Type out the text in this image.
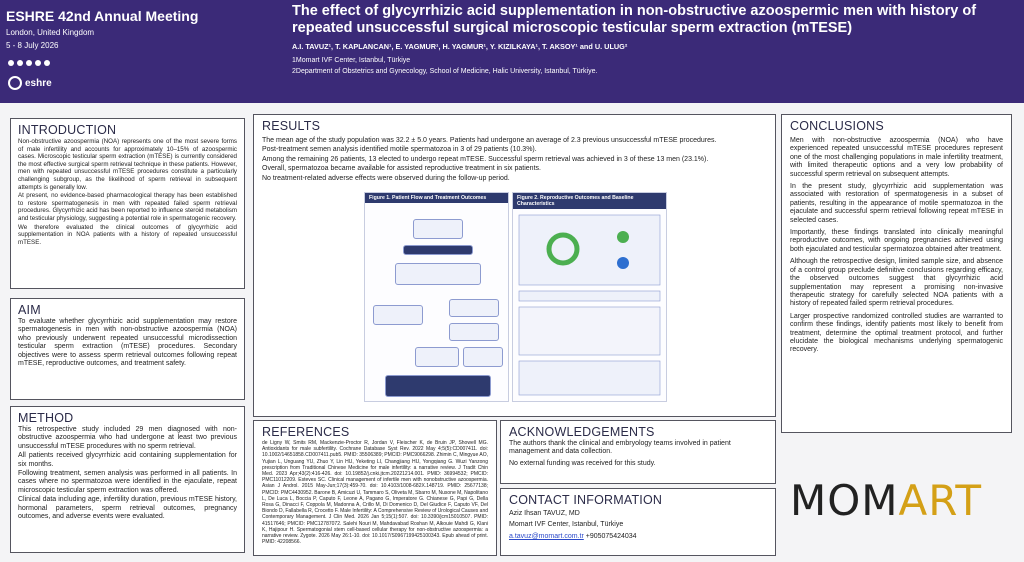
ESHRE 42nd Annual Meeting
London, United Kingdom
5 - 8 July 2026
eshre
The effect of glycyrrhizic acid supplementation in non-obstructive azoospermic men with history of repeated unsuccessful surgical microscopic testicular sperm extraction (mTESE)
A.I. TAVUZ¹, T. KAPLANCAN¹, E. YAGMUR¹, H. YAGMUR¹, Y. KIZILKAYA¹, T. AKSOY¹ and U. ULUG²
1Momart IVF Center, Istanbul, Türkiye
2Department of Obstetrics and Gynecology, School of Medicine, Halic University, Istanbul, Türkiye.
INTRODUCTION

Non-obstructive azoospermia (NOA) represents one of the most severe forms of male infertility and accounts for approximately 10–15% of azoospermic cases. Microscopic testicular sperm extraction (mTESE) is currently considered the most effective surgical sperm retrieval technique in these patients. However, men with repeated unsuccessful mTESE procedures constitute a particularly challenging subgroup, as the likelihood of sperm retrieval in subsequent attempts is generally low.

At present, no evidence-based pharmacological therapy has been established to restore spermatogenesis in men with repeated failed sperm retrieval procedures. Glycyrrhizic acid has been reported to influence steroid metabolism and testicular physiology, suggesting a potential role in spermatogenic recovery.

We therefore evaluated the clinical outcomes of glycyrrhizic acid supplementation in NOA patients with a history of repeated unsuccessful mTESE.

AIM

To evaluate whether glycyrrhizic acid supplementation may restore spermatogenesis in men with non-obstructive azoospermia (NOA) who previously underwent repeated unsuccessful microdissection testicular sperm extraction (mTESE) procedures. Secondary objectives were to assess sperm retrieval outcomes following repeat mTESE, reproductive outcomes, and treatment safety.

METHOD

This retrospective study included 29 men diagnosed with non-obstructive azoospermia who had undergone at least two previous unsuccessful mTESE procedures with no sperm retrieval.

All patients received glycyrrhizic acid containing supplementation for six months.

Following treatment, semen analysis was performed in all patients. In cases where no spermatozoa were identified in the ejaculate, repeat microscopic testicular sperm extraction was offered.

Clinical data including age, infertility duration, previous mTESE history, hormonal parameters, sperm retrieval outcomes, pregnancy outcomes, and adverse events were evaluated.

RESULTS

The mean age of the study population was 32.2 ± 5.0 years. Patients had undergone an average of 2.3 previous unsuccessful mTESE procedures.

Post-treatment semen analysis identified motile spermatozoa in 3 of 29 patients (10.3%).

Among the remaining 26 patients, 13 elected to undergo repeat mTESE. Successful sperm retrieval was achieved in 3 of these 13 men (23.1%).

Overall, spermatozoa became available for assisted reproductive treatment in six patients.

No treatment-related adverse effects were observed during the follow-up period.

Figure 1. Patient Flow and Treatment Outcomes	Figure 2. Reproductive Outcomes and Baseline Characteristics
REFERENCES

de Ligny W, Smits RM, Mackenzie-Proctor R, Jordan V, Fleischer K, de Bruin JP, Showell MG. Antioxidants for male subfertility. Cochrane Database Syst Rev. 2022 May 4;5(5):CD007411. doi: 10.1002/14651858.CD007411.pub5. PMID: 35506389; PMCID: PMC9066298. Zhimin C, Mingyue AO, Yujian L, Unguang YU, Zhuo Y, Lin HU, Yeketing LI, Changjiang HU, Yongqiang G. Wuzi Yanzong prescription from Traditional Chinese Medicine for male infertility: a narrative review. J Tradit Chin Med. 2023 Apr;43(2):416-426. doi: 10.19852/j.cnki.jtcm.20221214.001. PMID: 36994532; PMCID: PMC11012209. Esteves SC. Clinical management of infertile men with nonobstructive azoospermia. Asian J Androl. 2015 May-Jun;17(3):459-70. doi: 10.4103/1008-682X.148719. PMID: 25677138; PMCID: PMC4430952. Barone B, Amicuzi U, Tammaro S, Oliveta M, Sbarro M, Nusone M, Napolitano L, De Luca L, Boccia P, Caputo F, Leone A, Pagano G, Imperatore G. Chianese G, Papi G, Della Rosa G, Dinacci F, Coppola M, Madonna A, Crillo M, Di Domenico D, Del Giudice F, Caputo VF, Del Biondo D, Fallabella R, Crocetto F. Male Infertility: A Comprehensive Review of Urological Causes and Contemporary Management. J Clin Med. 2026 Jan 5;15(1):507. doi: 10.3390/jcm15010507. PMID: 41517646; PMCID: PMC12787072. Salehi Nouri M, Mahdavabad Roshan M, Alkouie Mahdi G, Klani K, Hajipour H. Spermatogonial stem cell-based cellular therapy for non-obstructive azoospermia: a narrative review. Zygote. 2026 May 26:1-10. doi: 10.1017/S0967199425100343. Epub ahead of print. PMID: 42208566.

ACKNOWLEDGEMENTS

The authors thank the clinical and embryology teams involved in patient management and data collection.

No external funding was received for this study.

CONTACT INFORMATION

Aziz Ihsan TAVUZ, MD

Momart IVF Center, Istanbul, Türkiye

a.tavuz@momart.com.tr +905075424034

CONCLUSIONS

Men with non-obstructive azoospermia (NOA) who have experienced repeated unsuccessful mTESE procedures represent one of the most challenging populations in male infertility treatment, with limited therapeutic options and a very low probability of successful sperm retrieval on subsequent attempts.

In the present study, glycyrrhizic acid supplementation was associated with restoration of spermatogenesis in a subset of patients, resulting in the appearance of motile spermatozoa in the ejaculate and successful sperm retrieval following repeat mTESE in selected cases.

Importantly, these findings translated into clinically meaningful reproductive outcomes, with ongoing pregnancies achieved using both ejaculated and testicular spermatozoa obtained after treatment.

Although the retrospective design, limited sample size, and absence of a control group preclude definitive conclusions regarding efficacy, the observed outcomes suggest that glycyrrhizic acid supplementation may represent a promising non-invasive therapeutic strategy for carefully selected NOA patients with a history of repeated failed sperm retrieval procedures.

Larger prospective randomized controlled studies are warranted to confirm these findings, identify patients most likely to benefit from treatment, determine the optimal treatment protocol, and further elucidate the biological mechanisms underlying spermatogenic recovery.

MOMART
